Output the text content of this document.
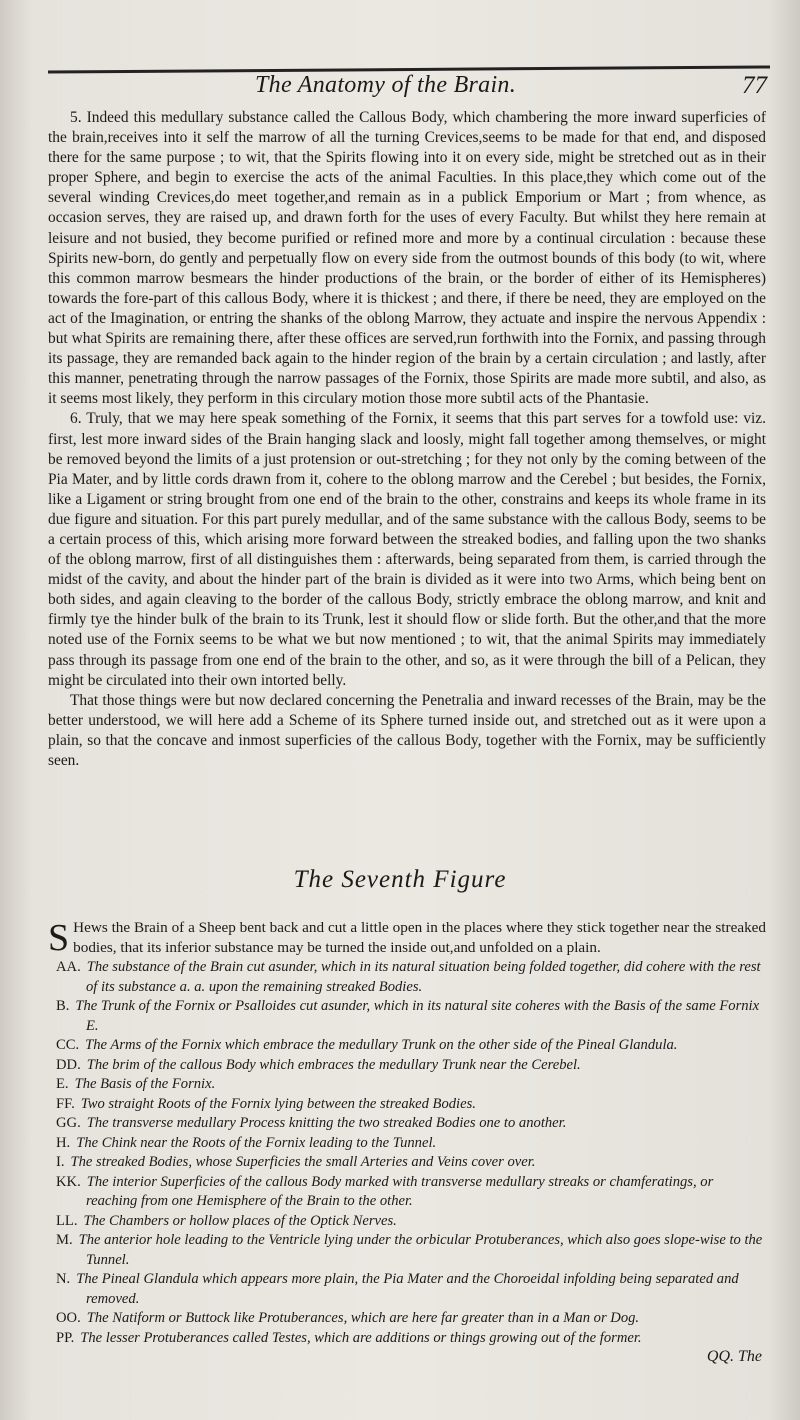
The Anatomy of the Brain.	77

5. Indeed this medullary substance called the Callous Body, which chambering the more inward superficies of the brain,receives into it self the marrow of all the turning Crevices,seems to be made for that end, and disposed there for the same purpose ; to wit, that the Spirits flowing into it on every side, might be stretched out as in their proper Sphere, and begin to exercise the acts of the animal Faculties. In this place,they which come out of the several winding Crevices,do meet together,and remain as in a publick Emporium or Mart ; from whence, as occasion serves, they are raised up, and drawn forth for the uses of every Faculty. But whilst they here remain at leisure and not busied, they become purified or refined more and more by a continual circulation : because these Spirits new-born, do gently and perpetually flow on every side from the outmost bounds of this body (to wit, where this common marrow besmears the hinder productions of the brain, or the border of either of its Hemispheres) towards the fore-part of this callous Body, where it is thickest ; and there, if there be need, they are employed on the act of the Imagination, or entring the shanks of the oblong Marrow, they actuate and inspire the nervous Appendix : but what Spirits are remaining there, after these offices are served,run forthwith into the Fornix, and passing through its passage, they are remanded back again to the hinder region of the brain by a certain circulation ; and lastly, after this manner, penetrating through the narrow passages of the Fornix, those Spirits are made more subtil, and also, as it seems most likely, they perform in this circulary motion those more subtil acts of the Phantasie.

6. Truly, that we may here speak something of the Fornix, it seems that this part serves for a towfold use: viz. first, lest more inward sides of the Brain hanging slack and loosly, might fall together among themselves, or might be removed beyond the limits of a just protension or out-stretching ; for they not only by the coming between of the Pia Mater, and by little cords drawn from it, cohere to the oblong marrow and the Cerebel ; but besides, the Fornix, like a Ligament or string brought from one end of the brain to the other, constrains and keeps its whole frame in its due figure and situation. For this part purely medullar, and of the same substance with the callous Body, seems to be a certain process of this, which arising more forward between the streaked bodies, and falling upon the two shanks of the oblong marrow, first of all distinguishes them : afterwards, being separated from them, is carried through the midst of the cavity, and about the hinder part of the brain is divided as it were into two Arms, which being bent on both sides, and again cleaving to the border of the callous Body, strictly embrace the oblong marrow, and knit and firmly tye the hinder bulk of the brain to its Trunk, lest it should flow or slide forth. But the other,and that the more noted use of the Fornix seems to be what we but now mentioned ; to wit, that the animal Spirits may immediately pass through its passage from one end of the brain to the other, and so, as it were through the bill of a Pelican, they might be circulated into their own intorted belly.

That those things were but now declared concerning the Penetralia and inward recesses of the Brain, may be the better understood, we will here add a Scheme of its Sphere turned inside out, and stretched out as it were upon a plain, so that the concave and inmost superficies of the callous Body, together with the Fornix, may be sufficiently seen.

The Seventh Figure
S Hews the Brain of a Sheep bent back and cut a little open in the places where they stick together near the streaked bodies, that its inferior substance may be turned the inside out,and unfolded on a plain.

AA. The substance of the Brain cut asunder, which in its natural situation being folded together, did cohere with the rest of its substance a. a. upon the remaining streaked Bodies.

B. The Trunk of the Fornix or Psalloides cut asunder, which in its natural site coheres with the Basis of the same Fornix E.

CC. The Arms of the Fornix which embrace the medullary Trunk on the other side of the Pineal Glandula.

DD. The brim of the callous Body which embraces the medullary Trunk near the Cerebel.

E. The Basis of the Fornix.

FF. Two straight Roots of the Fornix lying between the streaked Bodies.

GG. The transverse medullary Process knitting the two streaked Bodies one to another.

H. The Chink near the Roots of the Fornix leading to the Tunnel.

I. The streaked Bodies, whose Superficies the small Arteries and Veins cover over.

KK. The interior Superficies of the callous Body marked with transverse medullary streaks or chamferatings, or reaching from one Hemisphere of the Brain to the other.

LL. The Chambers or hollow places of the Optick Nerves.

M. The anterior hole leading to the Ventricle lying under the orbicular Protuberances, which also goes slope-wise to the Tunnel.

N. The Pineal Glandula which appears more plain, the Pia Mater and the Choroeidal infolding being separated and removed.

OO. The Natiform or Buttock like Protuberances, which are here far greater than in a Man or Dog.

PP. The lesser Protuberances called Testes, which are additions or things growing out of the former.

QQ. The
